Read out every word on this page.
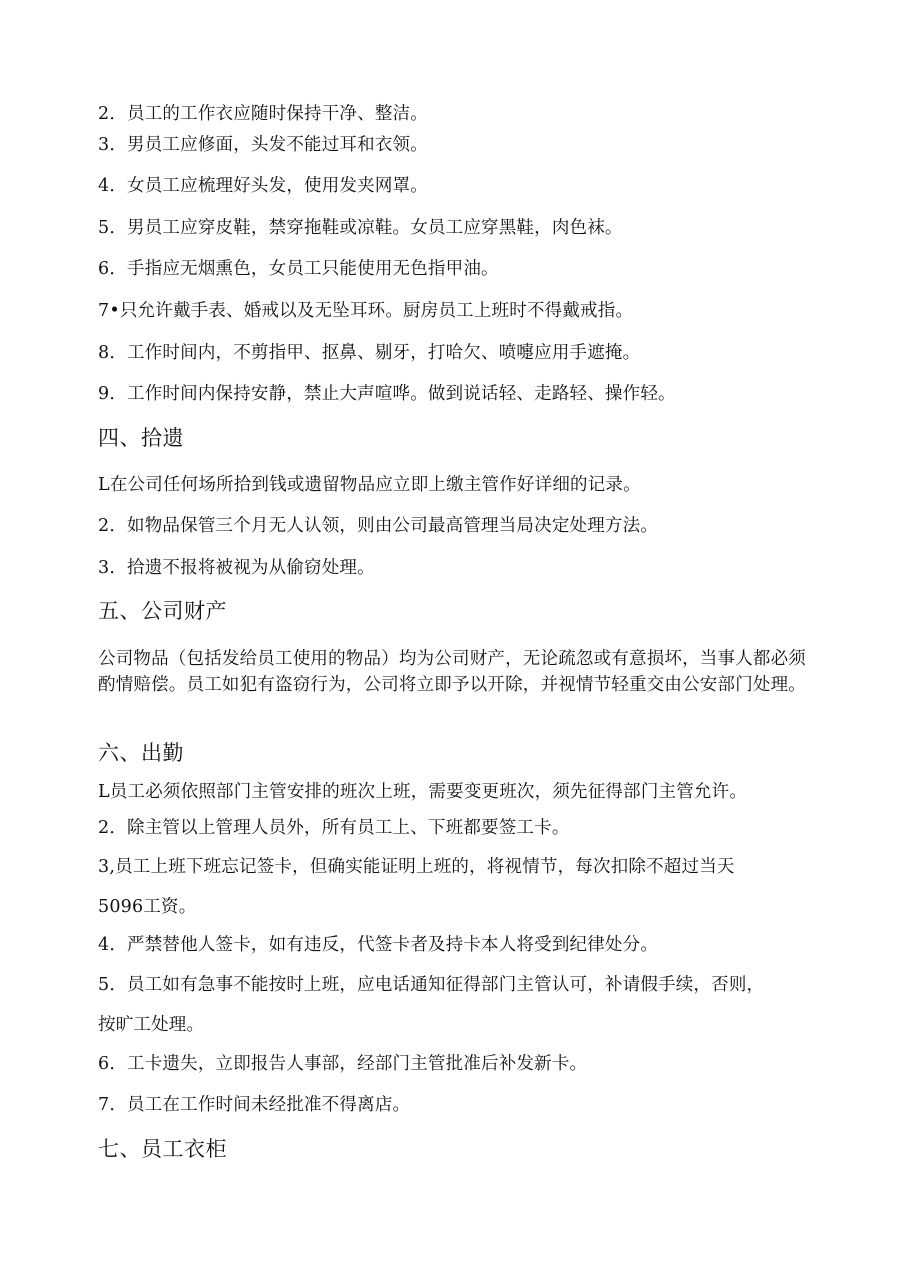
2．员工的工作衣应随时保持干净、整洁。
3．男员工应修面，头发不能过耳和衣领。
4．女员工应梳理好头发，使用发夹网罩。
5．男员工应穿皮鞋，禁穿拖鞋或凉鞋。女员工应穿黑鞋，肉色袜。
6．手指应无烟熏色，女员工只能使用无色指甲油。
7•只允许戴手表、婚戒以及无坠耳环。厨房员工上班时不得戴戒指。
8．工作时间内，不剪指甲、抠鼻、剔牙，打哈欠、喷嚏应用手遮掩。
9．工作时间内保持安静，禁止大声喧哗。做到说话轻、走路轻、操作轻。
四、拾遗
L在公司任何场所拾到钱或遗留物品应立即上缴主管作好详细的记录。
2．如物品保管三个月无人认领，则由公司最高管理当局决定处理方法。
3．拾遗不报将被视为从偷窃处理。
五、公司财产
公司物品（包括发给员工使用的物品）均为公司财产，无论疏忽或有意损坏，当事人都必须酌情赔偿。员工如犯有盗窃行为，公司将立即予以开除，并视情节轻重交由公安部门处理。
六、出勤
L员工必须依照部门主管安排的班次上班，需要变更班次，须先征得部门主管允许。
2．除主管以上管理人员外，所有员工上、下班都要签工卡。
3,员工上班下班忘记签卡，但确实能证明上班的，将视情节，每次扣除不超过当天
5096工资。
4．严禁替他人签卡，如有违反，代签卡者及持卡本人将受到纪律处分。
5．员工如有急事不能按时上班，应电话通知征得部门主管认可，补请假手续，否则，
按旷工处理。
6．工卡遗失，立即报告人事部，经部门主管批准后补发新卡。
7．员工在工作时间未经批准不得离店。
七、员工衣柜
